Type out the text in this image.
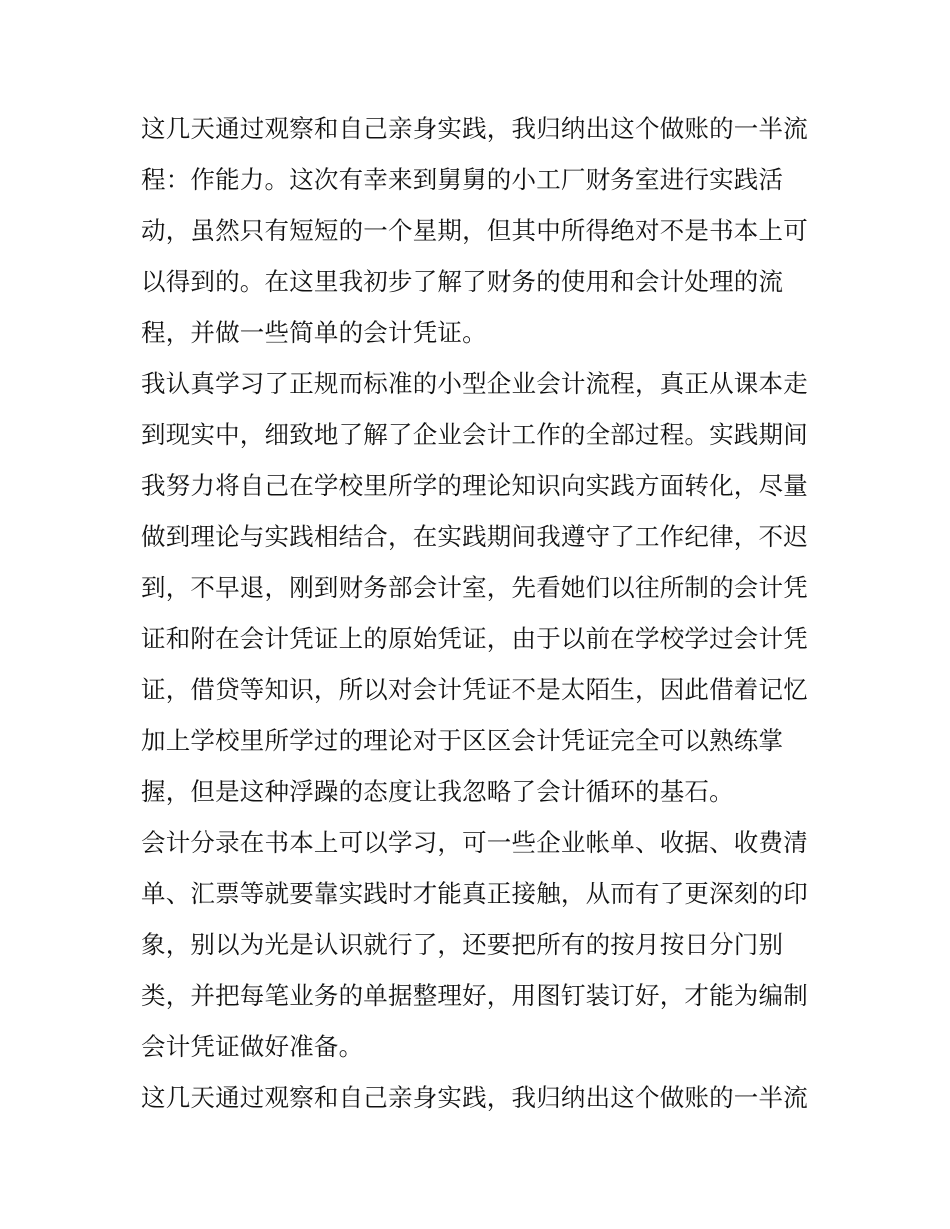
这几天通过观察和自己亲身实践，我归纳出这个做账的一半流
程：作能力。这次有幸来到舅舅的小工厂财务室进行实践活
动，虽然只有短短的一个星期，但其中所得绝对不是书本上可
以得到的。在这里我初步了解了财务的使用和会计处理的流
程，并做一些简单的会计凭证。
我认真学习了正规而标准的小型企业会计流程，真正从课本走
到现实中，细致地了解了企业会计工作的全部过程。实践期间
我努力将自己在学校里所学的理论知识向实践方面转化，尽量
做到理论与实践相结合，在实践期间我遵守了工作纪律，不迟
到，不早退，刚到财务部会计室，先看她们以往所制的会计凭
证和附在会计凭证上的原始凭证，由于以前在学校学过会计凭
证，借贷等知识，所以对会计凭证不是太陌生，因此借着记忆
加上学校里所学过的理论对于区区会计凭证完全可以熟练掌
握，但是这种浮躁的态度让我忽略了会计循环的基石。
会计分录在书本上可以学习，可一些企业帐单、收据、收费清
单、汇票等就要靠实践时才能真正接触，从而有了更深刻的印
象，别以为光是认识就行了，还要把所有的按月按日分门别
类，并把每笔业务的单据整理好，用图钉装订好，才能为编制
会计凭证做好准备。
这几天通过观察和自己亲身实践，我归纳出这个做账的一半流
